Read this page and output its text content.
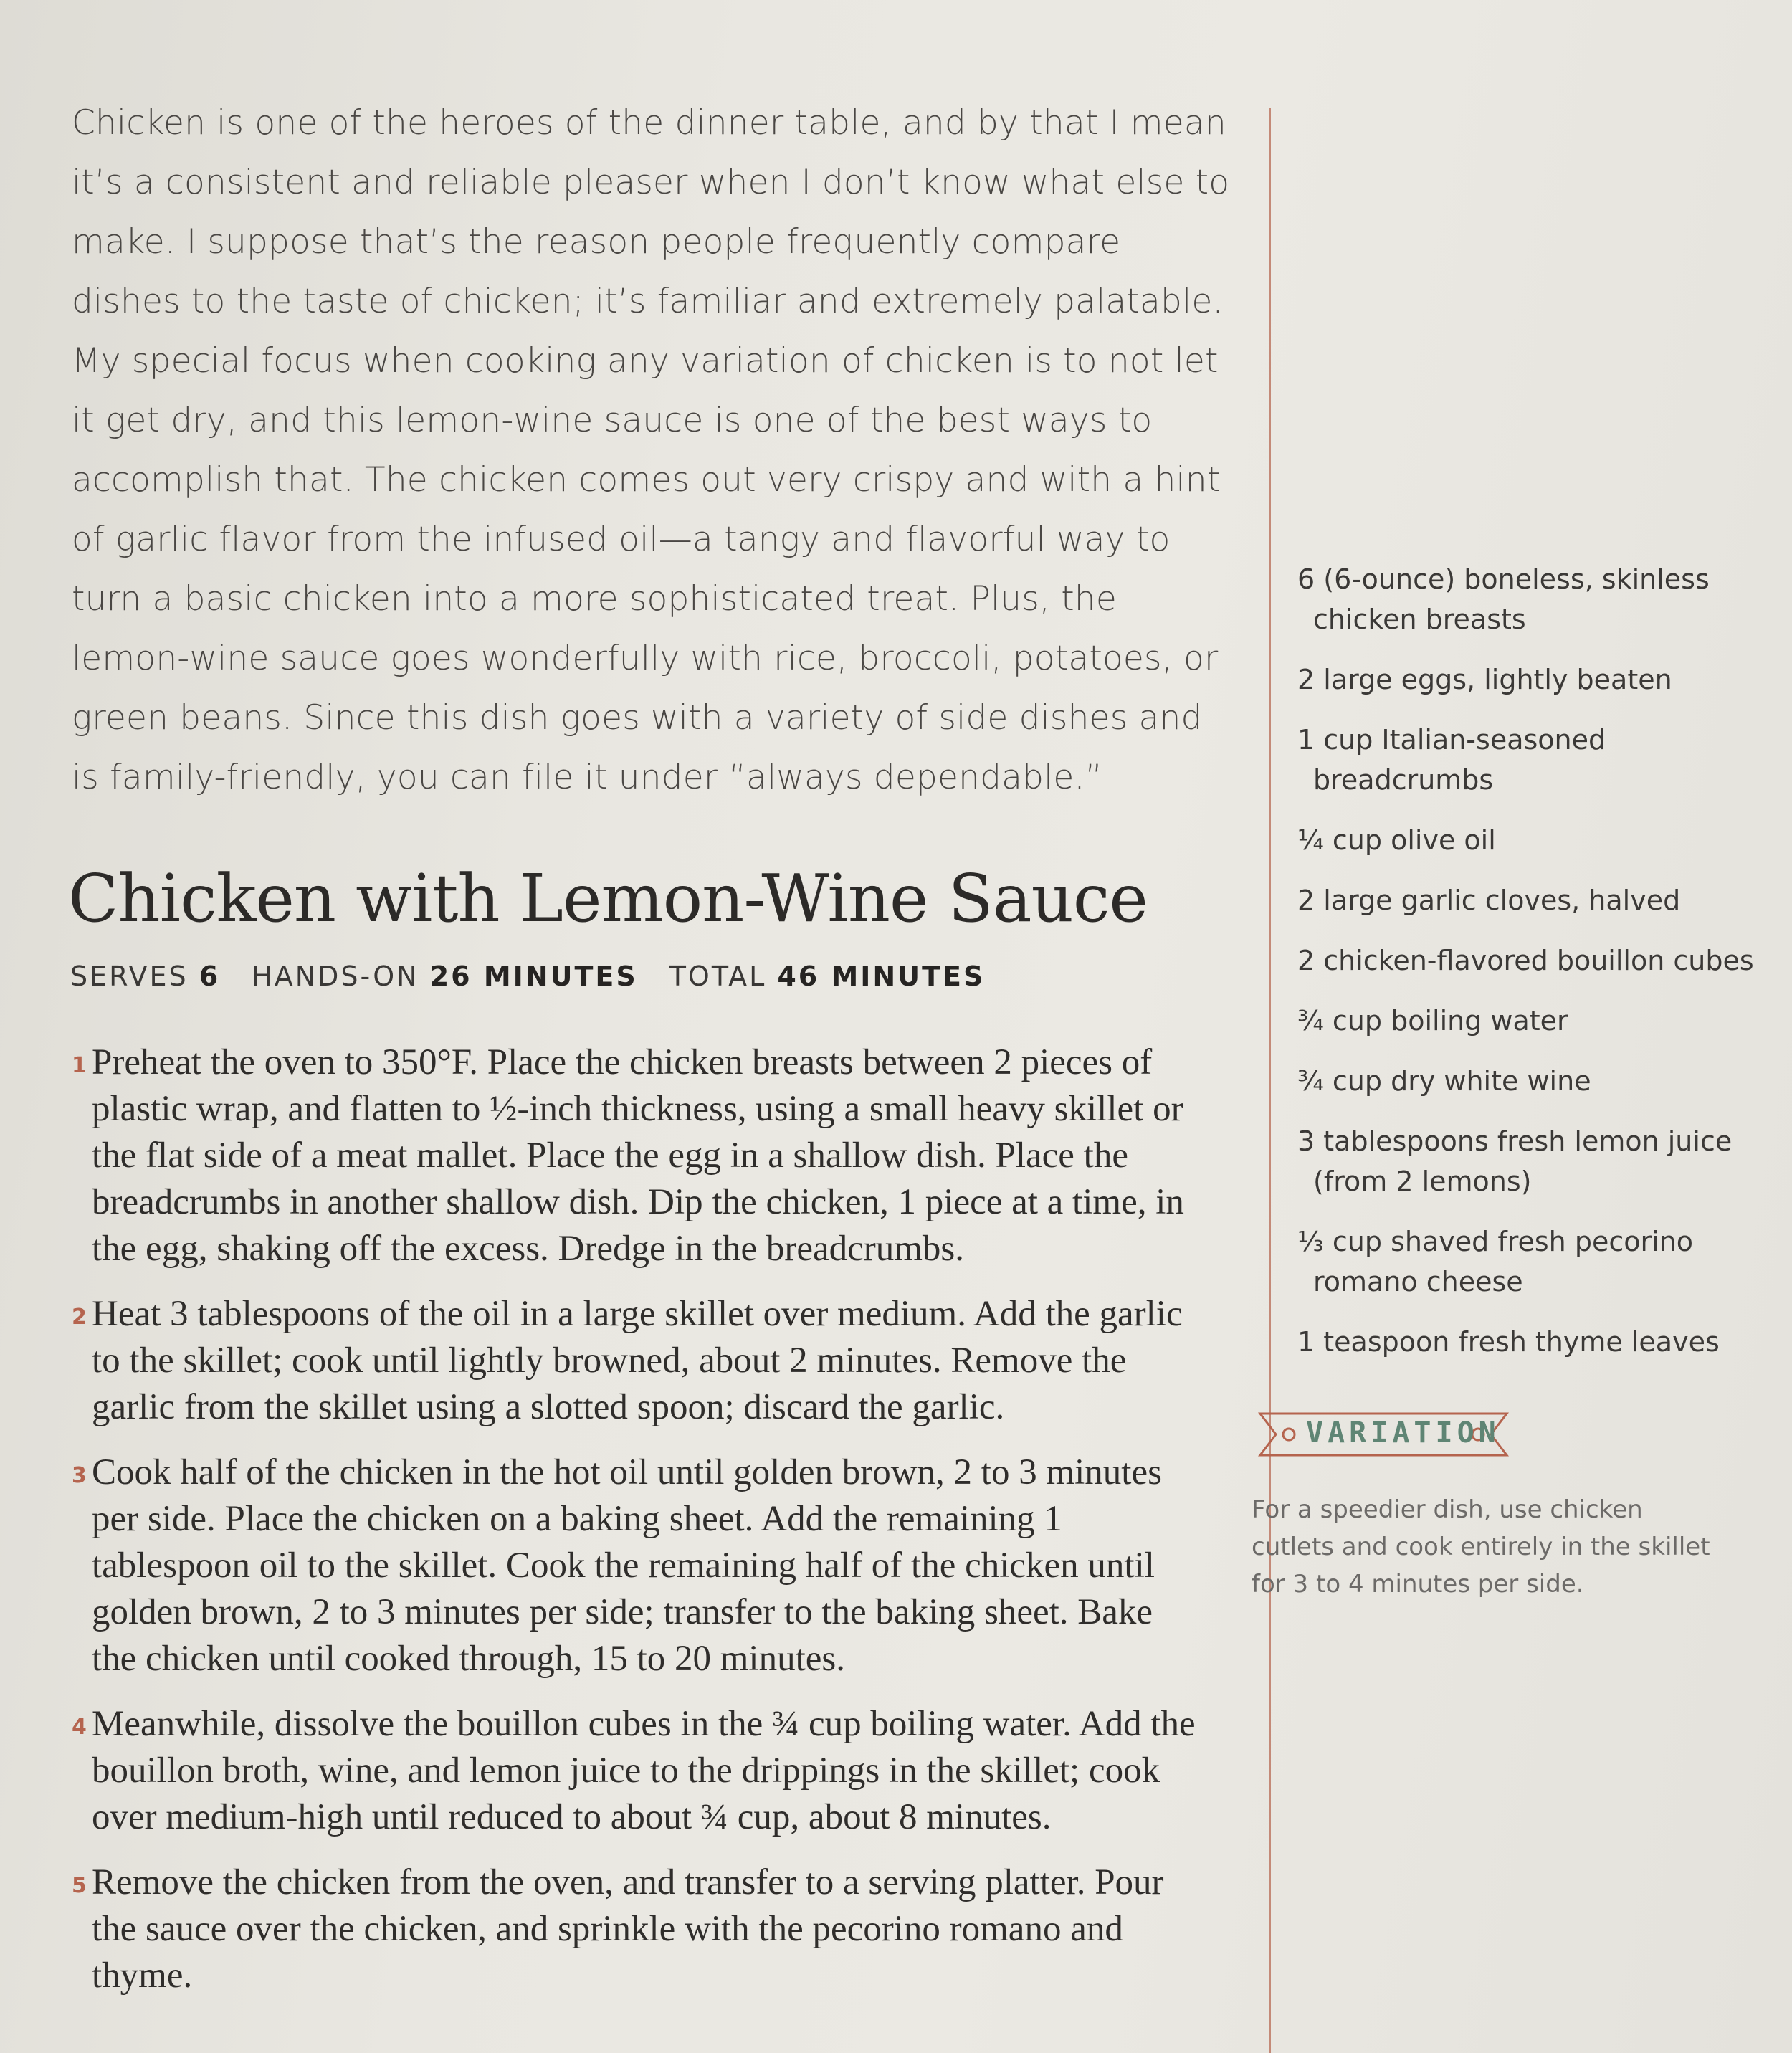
Chicken is one of the heroes of the dinner table, and by that I mean it’s a consistent and reliable pleaser when I don’t know what else to make. I suppose that’s the reason people frequently compare dishes to the taste of chicken; it’s familiar and extremely palatable. My special focus when cooking any variation of chicken is to not let it get dry, and this lemon-wine sauce is one of the best ways to accomplish that. The chicken comes out very crispy and with a hint of garlic flavor from the infused oil—a tangy and flavorful way to turn a basic chicken into a more sophisticated treat. Plus, the lemon-wine sauce goes wonderfully with rice, broccoli, potatoes, or green beans. Since this dish goes with a variety of side dishes and is family-friendly, you can file it under “always dependable.”

Chicken with Lemon-Wine Sauce
SERVES 6 HANDS-ON 26 MINUTES TOTAL 46 MINUTES
1 Preheat the oven to 350°F. Place the chicken breasts between 2 pieces of plastic wrap, and flatten to ½-inch thickness, using a small heavy skillet or the flat side of a meat mallet. Place the egg in a shallow dish. Place the breadcrumbs in another shallow dish. Dip the chicken, 1 piece at a time, in the egg, shaking off the excess. Dredge in the breadcrumbs.
2 Heat 3 tablespoons of the oil in a large skillet over medium. Add the garlic to the skillet; cook until lightly browned, about 2 minutes. Remove the garlic from the skillet using a slotted spoon; discard the garlic.
3 Cook half of the chicken in the hot oil until golden brown, 2 to 3 minutes per side. Place the chicken on a baking sheet. Add the remaining 1 tablespoon oil to the skillet. Cook the remaining half of the chicken until golden brown, 2 to 3 minutes per side; transfer to the baking sheet. Bake the chicken until cooked through, 15 to 20 minutes.
4 Meanwhile, dissolve the bouillon cubes in the ¾ cup boiling water. Add the bouillon broth, wine, and lemon juice to the drippings in the skillet; cook over medium-high until reduced to about ¾ cup, about 8 minutes.
5 Remove the chicken from the oven, and transfer to a serving platter. Pour the sauce over the chicken, and sprinkle with the pecorino romano and thyme.
6 (6-ounce) boneless, skinless chicken breasts
2 large eggs, lightly beaten
1 cup Italian-seasoned breadcrumbs
¼ cup olive oil
2 large garlic cloves, halved
2 chicken-flavored bouillon cubes
¾ cup boiling water
¾ cup dry white wine
3 tablespoons fresh lemon juice (from 2 lemons)
⅓ cup shaved fresh pecorino romano cheese
1 teaspoon fresh thyme leaves
VARIATION

For a speedier dish, use chicken cutlets and cook entirely in the skillet for 3 to 4 minutes per side.
